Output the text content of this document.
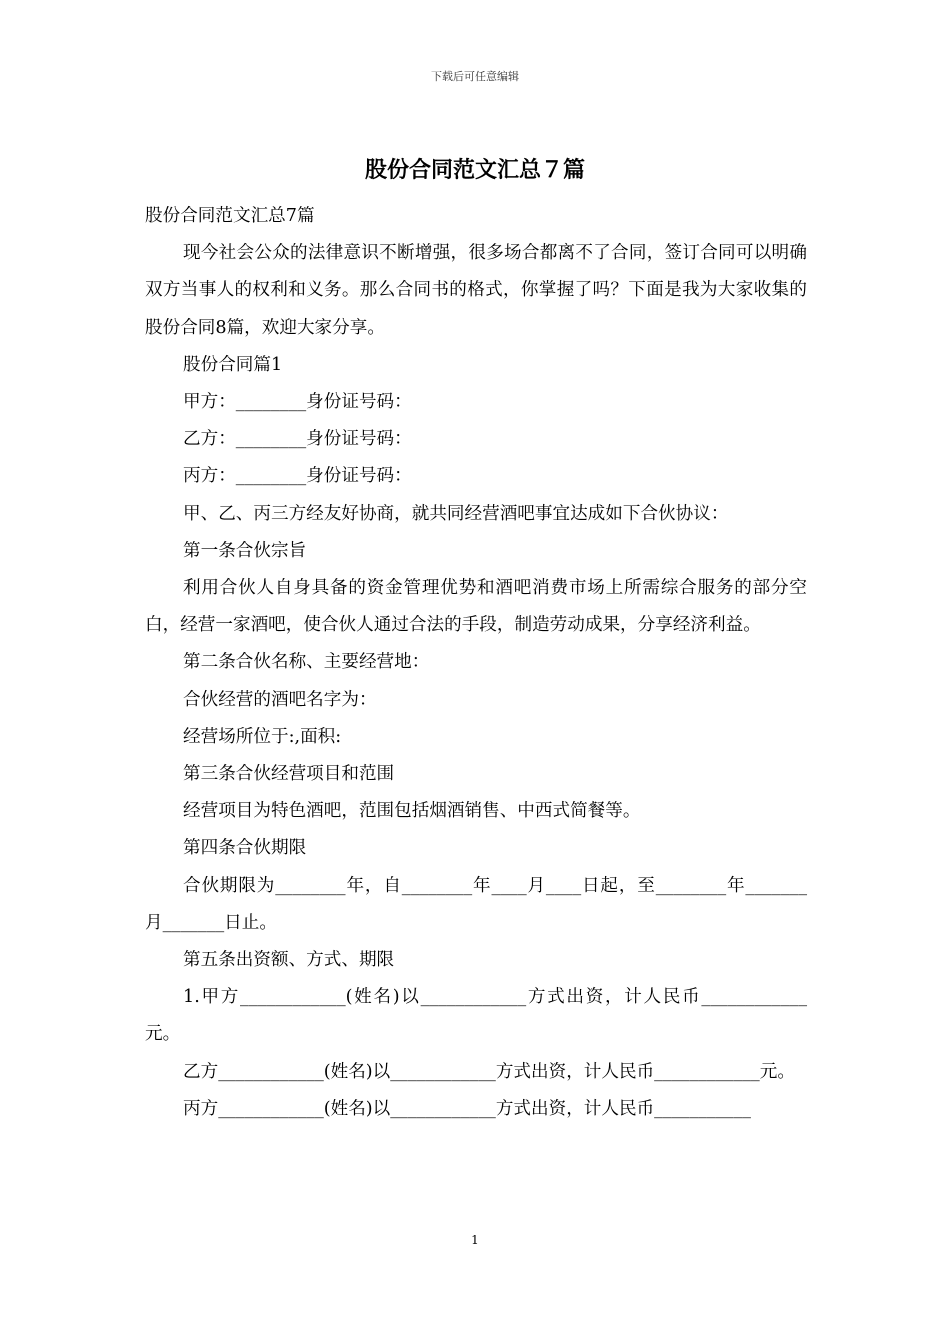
下载后可任意编辑
股份合同范文汇总７篇

股份合同范文汇总7篇

现今社会公众的法律意识不断增强，很多场合都离不了合同，签订合同可以明确双方当事人的权利和义务。那么合同书的格式，你掌握了吗？下面是我为大家收集的股份合同8篇，欢迎大家分享。

股份合同篇1

甲方：________身份证号码：

乙方：________身份证号码：

丙方：________身份证号码：

甲、乙、丙三方经友好协商，就共同经营酒吧事宜达成如下合伙协议：

第一条合伙宗旨

利用合伙人自身具备的资金管理优势和酒吧消费市场上所需综合服务的部分空白，经营一家酒吧，使合伙人通过合法的手段，制造劳动成果，分享经济利益。

第二条合伙名称、主要经营地：

合伙经营的酒吧名字为：

经营场所位于:,面积:

第三条合伙经营项目和范围

经营项目为特色酒吧，范围包括烟酒销售、中西式简餐等。

第四条合伙期限

合伙期限为________年，自________年____月____日起，至________年_______月_______日止。

第五条出资额、方式、期限

1.甲方____________(姓名)以____________方式出资，计人民币____________元。

乙方____________(姓名)以____________方式出资，计人民币____________元。

丙方____________(姓名)以____________方式出资，计人民币___________

1
